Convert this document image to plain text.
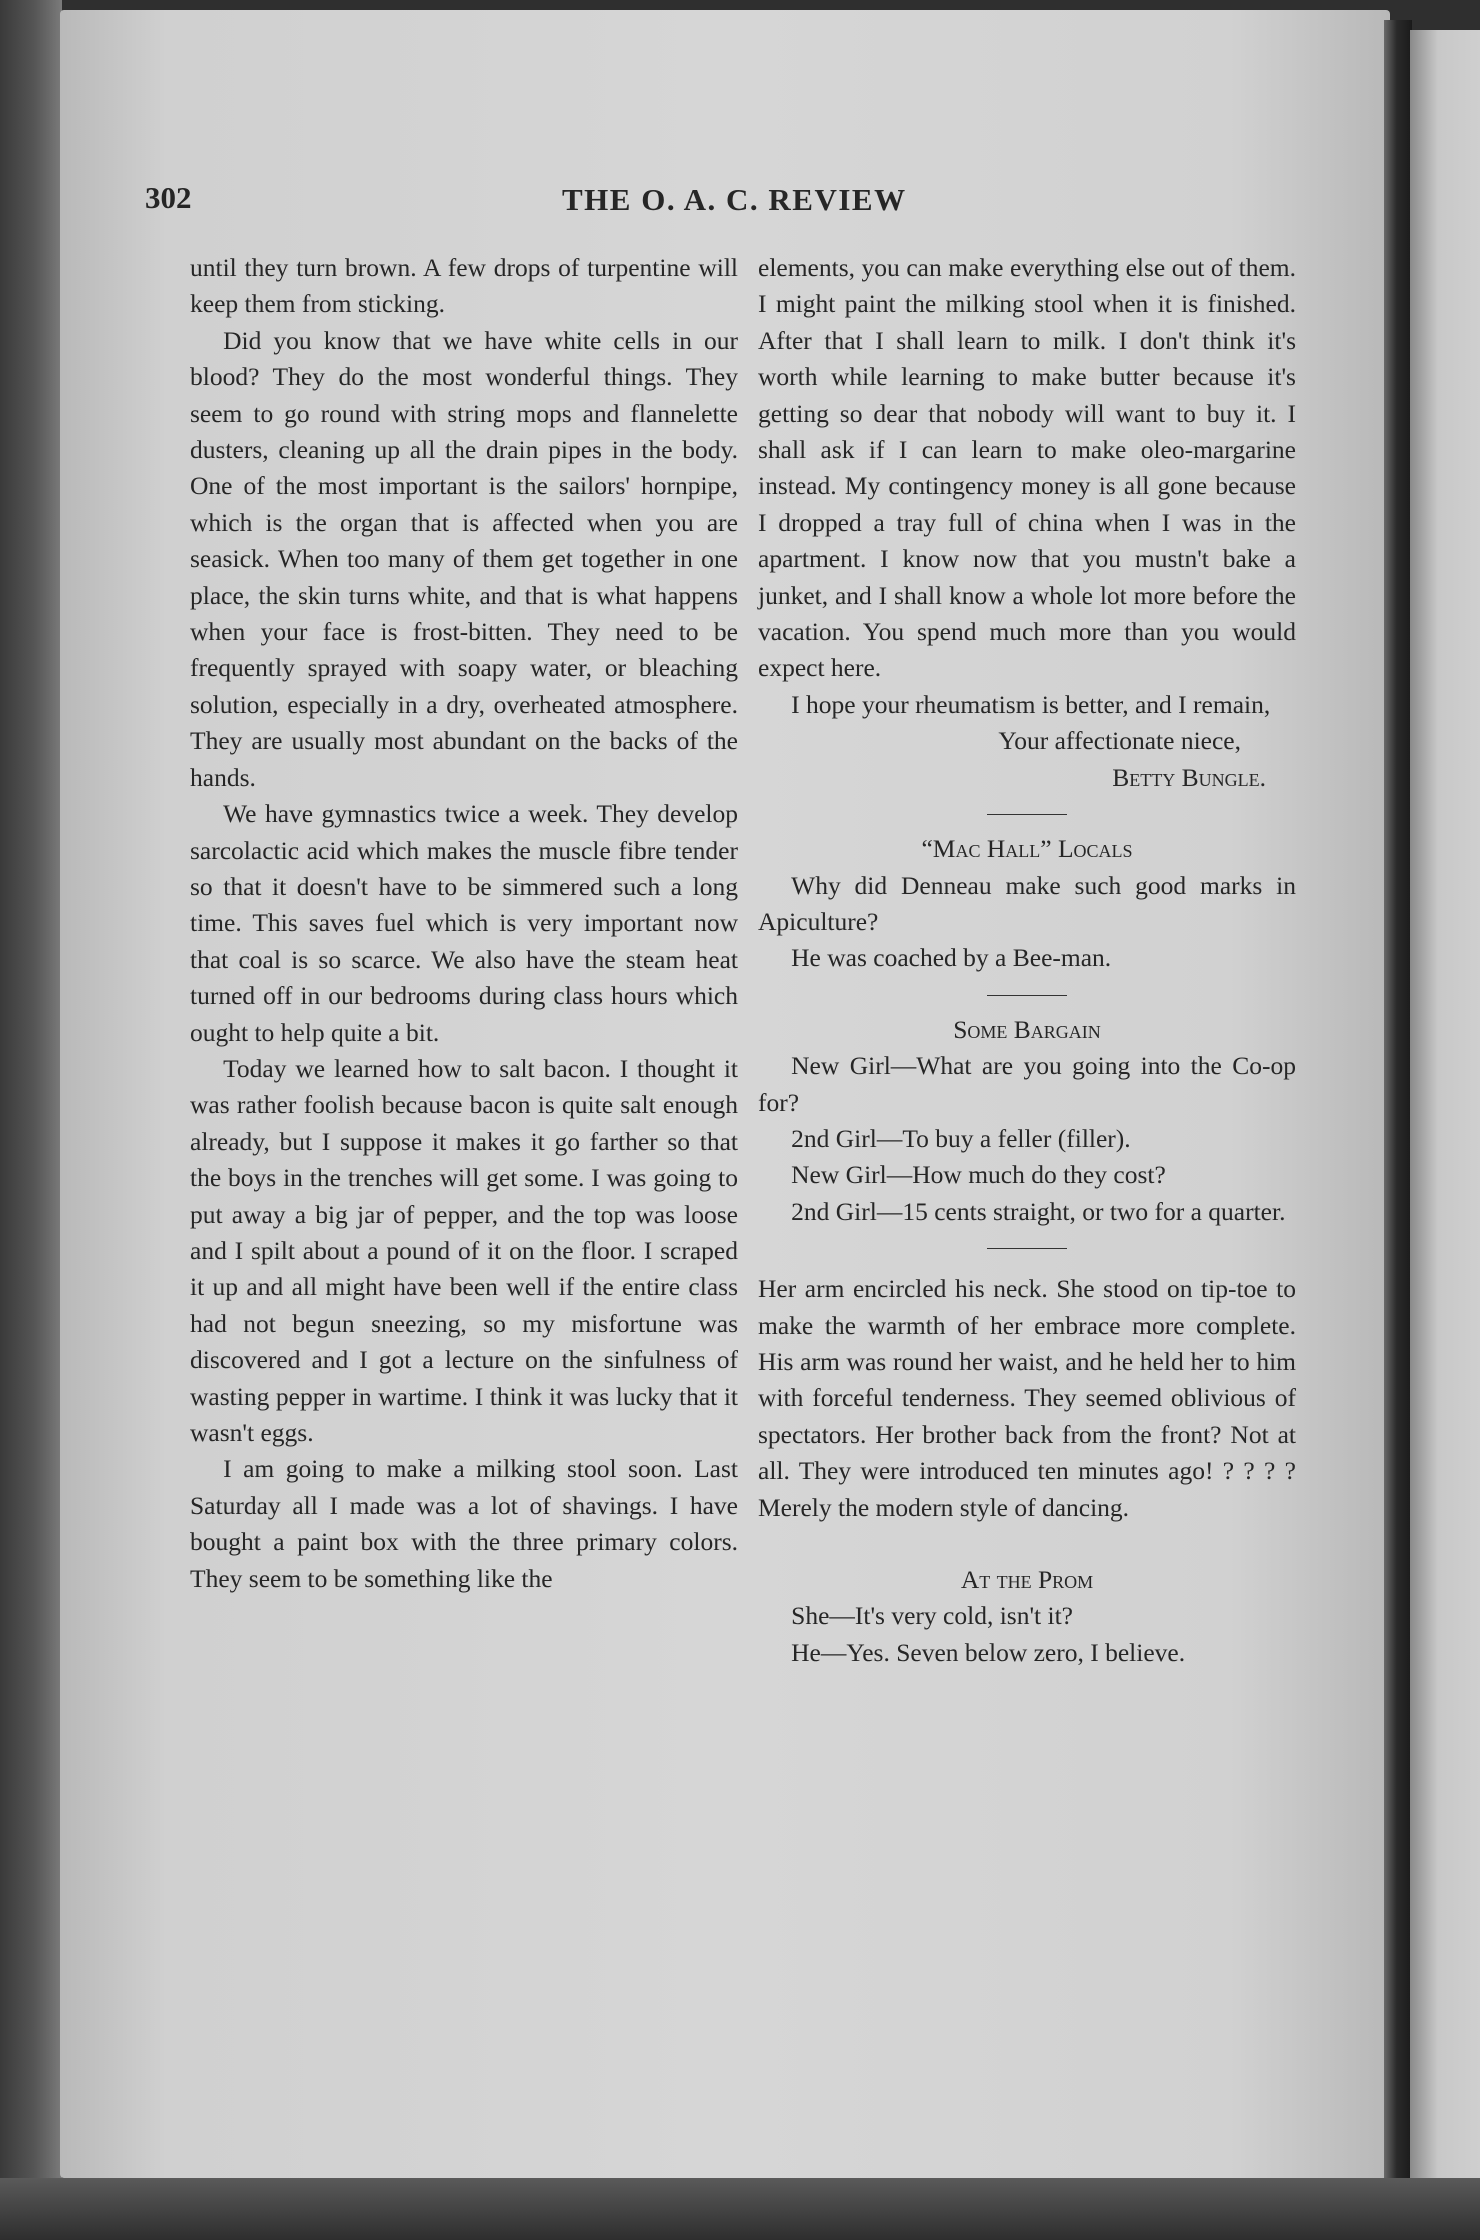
302	THE O. A. C. REVIEW

until they turn brown. A few drops of turpentine will keep them from sticking.

Did you know that we have white cells in our blood? They do the most wonderful things. They seem to go round with string mops and flannelette dusters, cleaning up all the drain pipes in the body. One of the most important is the sailors' hornpipe, which is the organ that is affected when you are seasick. When too many of them get together in one place, the skin turns white, and that is what happens when your face is frost-bitten. They need to be frequently sprayed with soapy water, or bleaching solution, especially in a dry, overheated atmosphere. They are usually most abundant on the backs of the hands.

We have gymnastics twice a week. They develop sarcolactic acid which makes the muscle fibre tender so that it doesn't have to be simmered such a long time. This saves fuel which is very important now that coal is so scarce. We also have the steam heat turned off in our bedrooms during class hours which ought to help quite a bit.

Today we learned how to salt bacon. I thought it was rather foolish because bacon is quite salt enough already, but I suppose it makes it go farther so that the boys in the trenches will get some. I was going to put away a big jar of pepper, and the top was loose and I spilt about a pound of it on the floor. I scraped it up and all might have been well if the entire class had not begun sneezing, so my misfortune was discovered and I got a lecture on the sinfulness of wasting pepper in wartime. I think it was lucky that it wasn't eggs.

I am going to make a milking stool soon. Last Saturday all I made was a lot of shavings. I have bought a paint box with the three primary colors. They seem to be something like the

elements, you can make everything else out of them. I might paint the milking stool when it is finished. After that I shall learn to milk. I don't think it's worth while learning to make butter because it's getting so dear that nobody will want to buy it. I shall ask if I can learn to make oleo-margarine instead. My contingency money is all gone because I dropped a tray full of china when I was in the apartment. I know now that you mustn't bake a junket, and I shall know a whole lot more before the vacation. You spend much more than you would expect here.

I hope your rheumatism is better, and I remain,

Your affectionate niece,
Betty Bungle.
“Mac Hall” Locals

Why did Denneau make such good marks in Apiculture?

He was coached by a Bee-man.

Some Bargain

New Girl—What are you going into the Co-op for?

2nd Girl—To buy a feller (filler).

New Girl—How much do they cost?

2nd Girl—15 cents straight, or two for a quarter.

Her arm encircled his neck. She stood on tip-toe to make the warmth of her embrace more complete. His arm was round her waist, and he held her to him with forceful tenderness. They seemed oblivious of spectators. Her brother back from the front? Not at all. They were introduced ten minutes ago! ? ? ? ? Merely the modern style of dancing.

At the Prom

She—It's very cold, isn't it?

He—Yes. Seven below zero, I believe.
